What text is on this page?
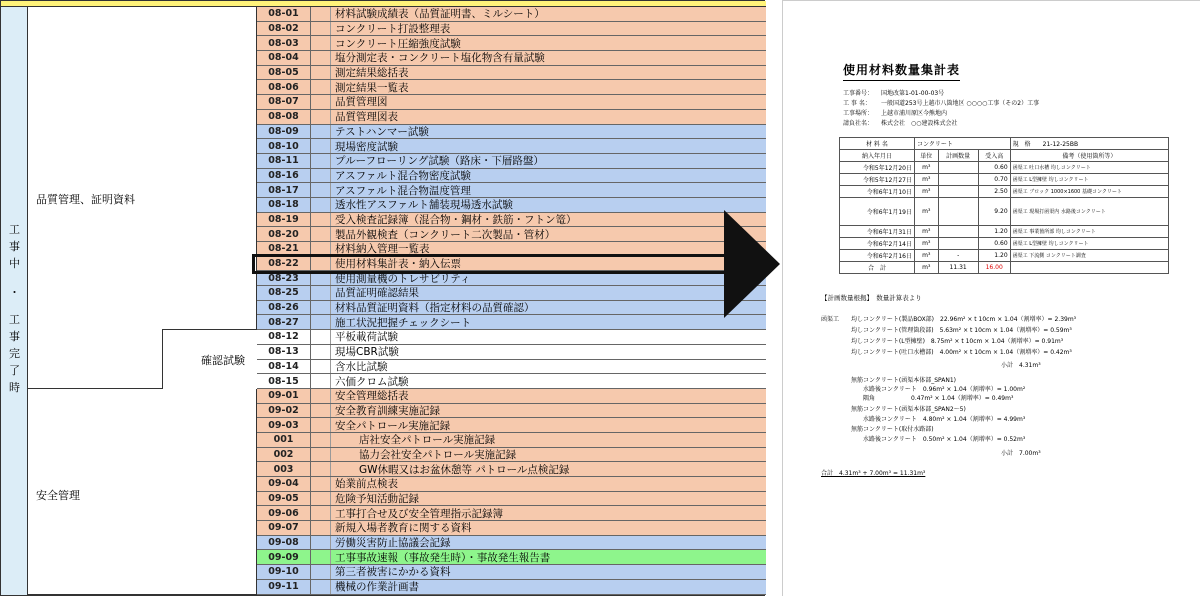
工
事
中
・
工
事
完
了
時
品質管理、証明資料
確認試験
安全管理
08-01	材料試験成績表（品質証明書、ミルシート）
08-02	コンクリート打設整理表
08-03	コンクリート圧縮強度試験
08-04	塩分測定表・コンクリート塩化物含有量試験
08-05	測定結果総括表
08-06	測定結果一覧表
08-07	品質管理図
08-08	品質管理図表
08-09	テストハンマー試験
08-10	現場密度試験
08-11	プルーフローリング試験（路床・下層路盤）
08-16	アスファルト混合物密度試験
08-17	アスファルト混合物温度管理
08-18	透水性アスファルト舗装現場透水試験
08-19	受入検査記録簿（混合物・鋼材・鉄筋・フトン篭）
08-20	製品外観検査（コンクリート二次製品・管材）
08-21	材料納入管理一覧表
08-22	使用材料集計表・納入伝票
08-23	使用測量機のトレサビリティ
08-25	品質証明確認結果
08-26	材料品質証明資料（指定材料の品質確認）
08-27	施工状況把握チェックシート
08-12	平板載荷試験
08-13	現場CBR試験
08-14	含水比試験
08-15	六価クロム試験
09-01	安全管理総括表
09-02	安全教育訓練実施記録
09-03	安全パトロール実施記録
001	店社安全パトロール実施記録
002	協力会社安全パトロール実施記録
003	GW休暇又はお盆休憩等 パトロール点検記録
09-04	始業前点検表
09-05	危険予知活動記録
09-06	工事打合せ及び安全管理指示記録簿
09-07	新規入場者教育に関する資料
09-08	労働災害防止協議会記録
09-09	工事事故速報（事故発生時）・事故発生報告書
09-10	第三者被害にかかる資料
09-11	機械の作業計画書
使用材料数量集計表
工事番号： 国地改第1-01-00-03号
工 事 名： 一般国道253号上越市八箇地区 ○○○○工事（その2）工事
工事場所： 上越市浦川原区今熊地内
請負社名： 株式会社　○○建設株式会社
材 料 名	コンクリート			規　格　　21-12-25BB
納入年月日	単位	計画数量	受入高	備考（使用箇所等）
令和5年12月20日	m³		0.60	函渠工 吐口水槽 均しコンクリート
令和5年12月27日	m³		0.70	函渠工 L型擁壁 均しコンクリート
令和6年1月10日	m³		2.50	函渠工 ブロック 1000×1600 基礎コンクリート
令和6年1月19日	m³		9.20	函渠工 現場打函渠内 水路後コンクリート
令和6年1月31日	m³		1.20	函渠工 事業箇所部 均しコンクリート
令和6年2月14日	m³		0.60	函渠工 L型擁壁 均しコンクリート
令和6年2月16日	m³	-	1.20	函渠工 下流側 コンクリート調査
合　計	m³	11.31	16.00	
【計画数量根拠】　数量計算表より
函渠工　　均しコンクリート(製品BOX部)　22.96m² × t 10cm × 1.04（割増率）= 2.39m³
　　　　　均しコンクリート(管理箇段部)　5.63m² × t 10cm × 1.04（割増率）= 0.59m³
　　　　　均しコンクリート(L型擁壁)　8.75m² × t 10cm × 1.04（割増率）= 0.91m³
　　　　　均しコンクリート(吐口水槽部)　4.00m² × t 10cm × 1.04（割増率）= 0.42m³
　　　　　　　　　　　　　　　　　　　　　　　　　　　　　　小計　4.31m³
　　　　　無筋コンクリート(函渠本体部_SPAN1)
　　　　　　　水路後コンクリート　0.96m² × 1.04（割増率）= 1.00m²
　　　　　　　隅角　　　　　　0.47m² × 1.04（割増率）= 0.49m³
　　　　　無筋コンクリート(函渠本体部_SPAN2〜5)
　　　　　　　水路後コンクリート　4.80m² × 1.04（割増率）= 4.99m³
　　　　　無筋コンクリート(取付水路部)
　　　　　　　水路後コンクリート　0.50m² × 1.04（割増率）= 0.52m³
　　　　　　　　　　　　　　　　　　　　　　　　　　　　　　小計　7.00m³
合計　4.31m³ + 7.00m³ = 11.31m³
